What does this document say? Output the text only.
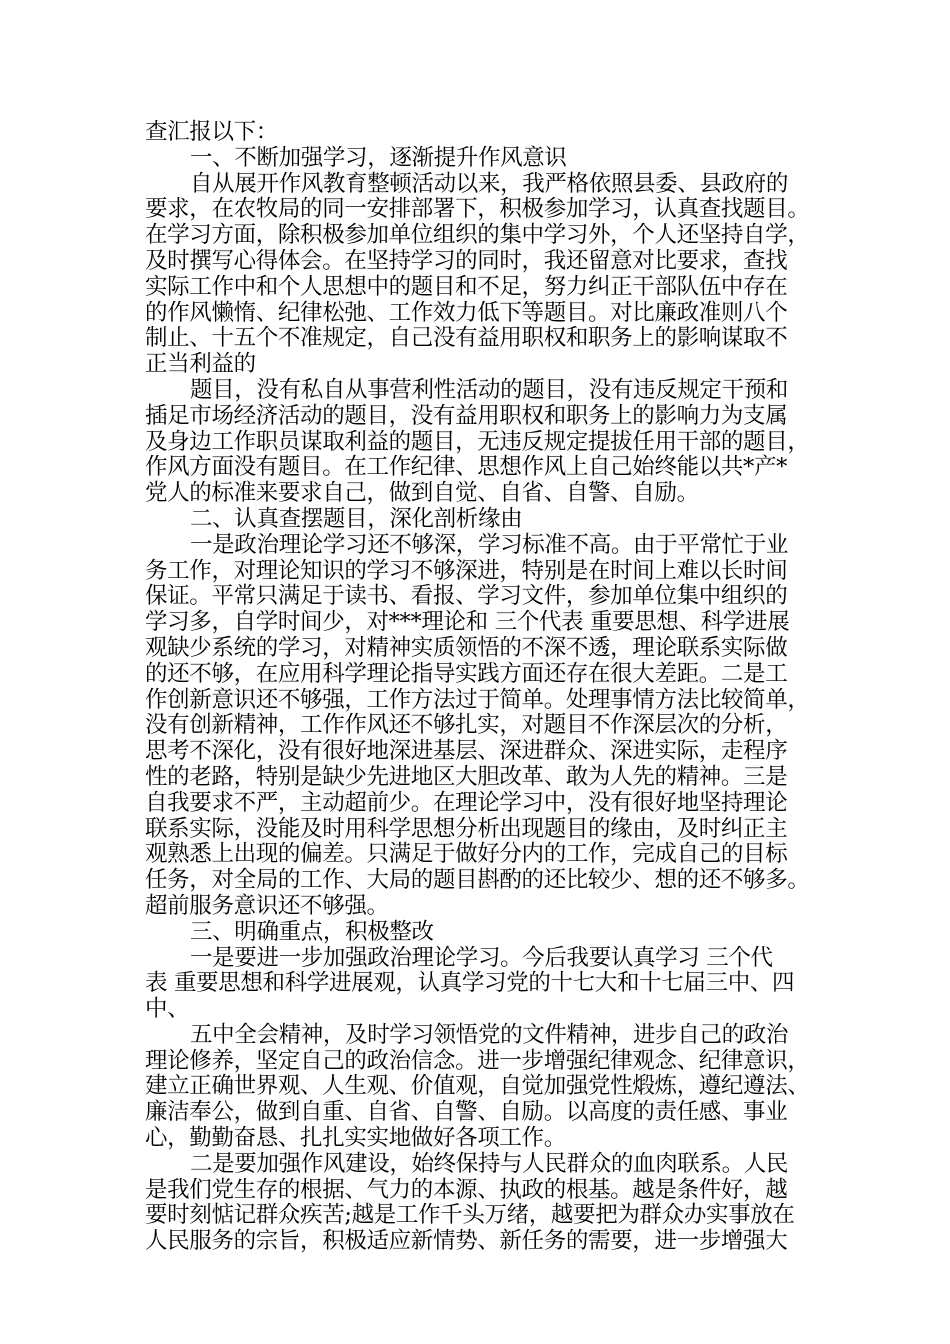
查汇报以下：
一、不断加强学习，逐渐提升作风意识
自从展开作风教育整顿活动以来，我严格依照县委、县政府的
要求，在农牧局的同一安排部署下，积极参加学习，认真查找题目。
在学习方面，除积极参加单位组织的集中学习外，个人还坚持自学，
及时撰写心得体会。在坚持学习的同时，我还留意对比要求，查找
实际工作中和个人思想中的题目和不足，努力纠正干部队伍中存在
的作风懒惰、纪律松弛、工作效力低下等题目。对比廉政准则八个
制止、十五个不准规定，自己没有益用职权和职务上的影响谋取不
正当利益的
题目，没有私自从事营利性活动的题目，没有违反规定干预和
插足市场经济活动的题目，没有益用职权和职务上的影响力为支属
及身边工作职员谋取利益的题目，无违反规定提拔任用干部的题目，
作风方面没有题目。在工作纪律、思想作风上自己始终能以共*产*
党人的标准来要求自己，做到自觉、自省、自警、自励。
二、认真查摆题目，深化剖析缘由
一是政治理论学习还不够深，学习标准不高。由于平常忙于业
务工作，对理论知识的学习不够深进，特别是在时间上难以长时间
保证。平常只满足于读书、看报、学习文件，参加单位集中组织的
学习多，自学时间少，对***理论和 三个代表 重要思想、科学进展
观缺少系统的学习，对精神实质领悟的不深不透，理论联系实际做
的还不够，在应用科学理论指导实践方面还存在很大差距。二是工
作创新意识还不够强，工作方法过于简单。处理事情方法比较简单，
没有创新精神，工作作风还不够扎实，对题目不作深层次的分析，
思考不深化，没有很好地深进基层、深进群众、深进实际，走程序
性的老路，特别是缺少先进地区大胆改革、敢为人先的精神。三是
自我要求不严，主动超前少。在理论学习中，没有很好地坚持理论
联系实际，没能及时用科学思想分析出现题目的缘由，及时纠正主
观熟悉上出现的偏差。只满足于做好分内的工作，完成自己的目标
任务，对全局的工作、大局的题目斟酌的还比较少、想的还不够多。
超前服务意识还不够强。
三、明确重点，积极整改
一是要进一步加强政治理论学习。今后我要认真学习 三个代
表 重要思想和科学进展观，认真学习党的十七大和十七届三中、四
中、
五中全会精神，及时学习领悟党的文件精神，进步自己的政治
理论修养，坚定自己的政治信念。进一步增强纪律观念、纪律意识，
建立正确世界观、人生观、价值观，自觉加强党性煅炼，遵纪遵法、
廉洁奉公，做到自重、自省、自警、自励。以高度的责任感、事业
心，勤勤奋恳、扎扎实实地做好各项工作。
二是要加强作风建设，始终保持与人民群众的血肉联系。人民
是我们党生存的根据、气力的本源、执政的根基。越是条件好，越
要时刻惦记群众疾苦;越是工作千头万绪，越要把为群众办实事放在
人民服务的宗旨，积极适应新情势、新任务的需要，进一步增强大
